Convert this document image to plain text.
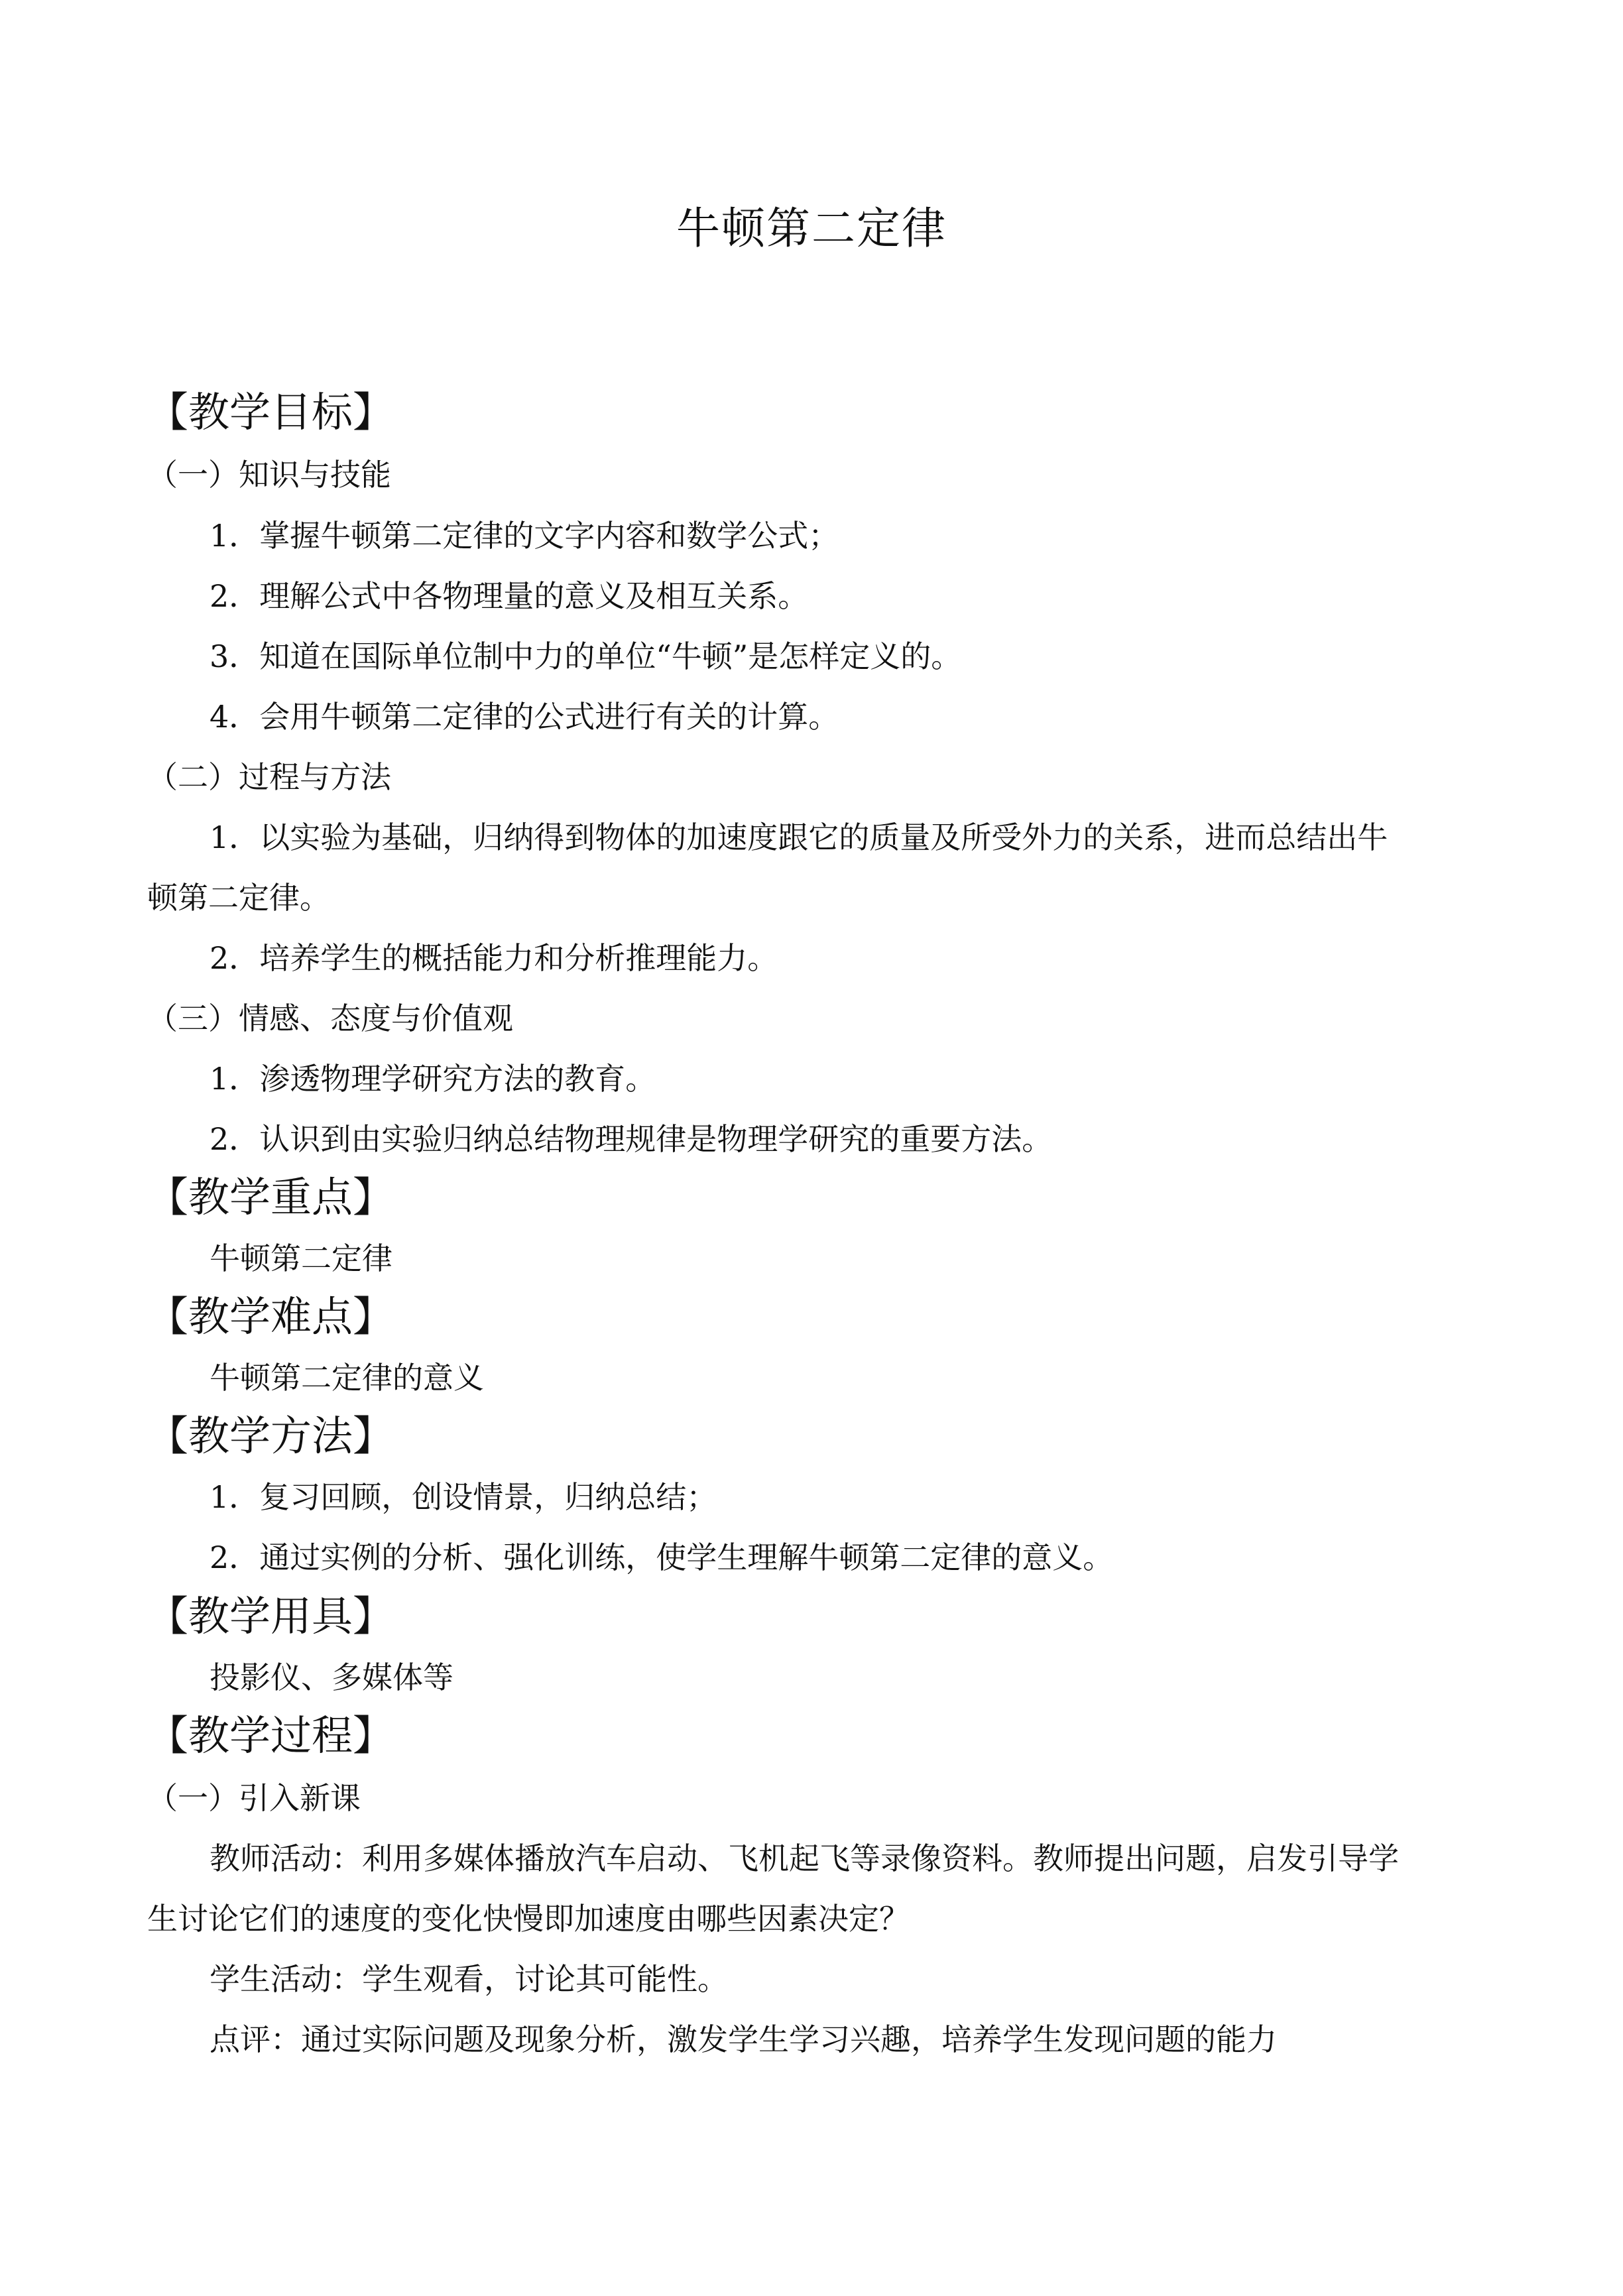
牛顿第二定律
【教学目标】
（一）知识与技能
1．掌握牛顿第二定律的文字内容和数学公式；
2．理解公式中各物理量的意义及相互关系。
3．知道在国际单位制中力的单位“牛顿”是怎样定义的。
4．会用牛顿第二定律的公式进行有关的计算。
（二）过程与方法
1．以实验为基础，归纳得到物体的加速度跟它的质量及所受外力的关系，进而总结出牛
顿第二定律。
2．培养学生的概括能力和分析推理能力。
（三）情感、态度与价值观
1．渗透物理学研究方法的教育。
2．认识到由实验归纳总结物理规律是物理学研究的重要方法。
【教学重点】
牛顿第二定律
【教学难点】
牛顿第二定律的意义
【教学方法】
1．复习回顾，创设情景，归纳总结；
2．通过实例的分析、强化训练，使学生理解牛顿第二定律的意义。
【教学用具】
投影仪、多媒体等
【教学过程】
（一）引入新课
教师活动：利用多媒体播放汽车启动、飞机起飞等录像资料。教师提出问题，启发引导学
生讨论它们的速度的变化快慢即加速度由哪些因素决定？
学生活动：学生观看，讨论其可能性。
点评：通过实际问题及现象分析，激发学生学习兴趣，培养学生发现问题的能力
